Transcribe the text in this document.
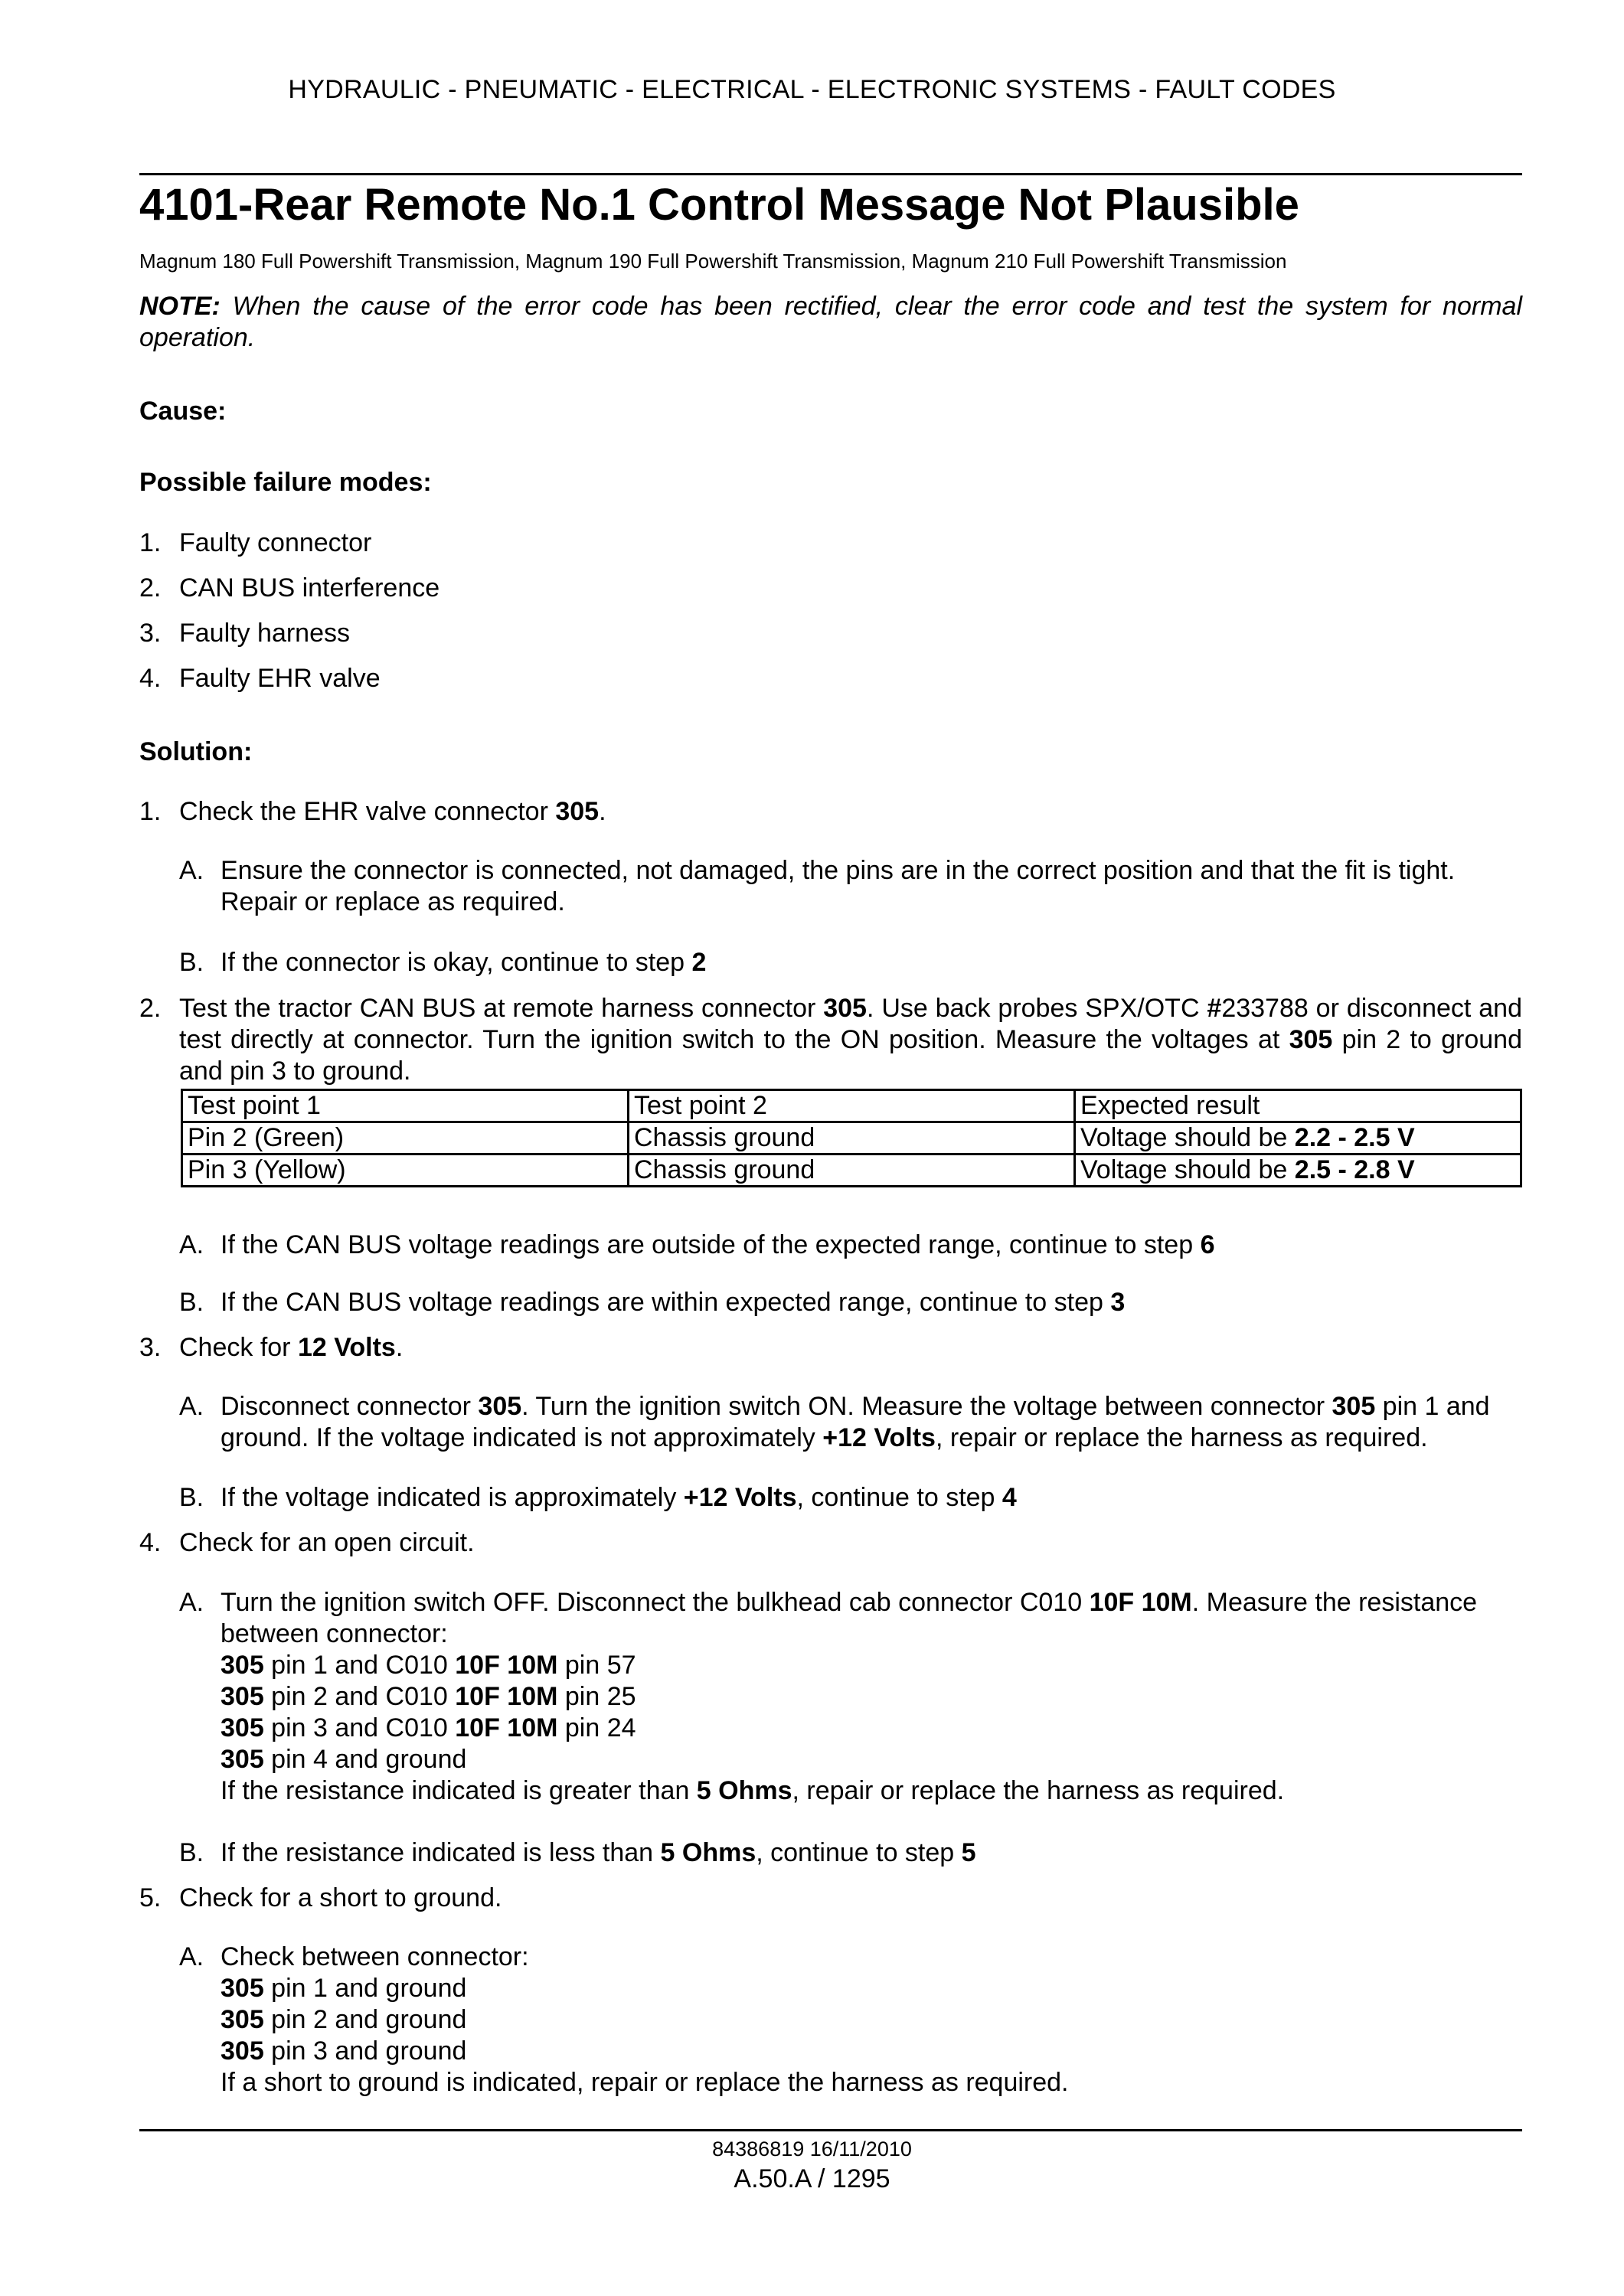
HYDRAULIC - PNEUMATIC - ELECTRICAL - ELECTRONIC SYSTEMS - FAULT CODES
4101-Rear Remote No.1 Control Message Not Plausible
Magnum 180 Full Powershift Transmission, Magnum 190 Full Powershift Transmission, Magnum 210 Full Powershift Transmission
NOTE: When the cause of the error code has been rectified, clear the error code and test the system for normal operation.
Cause:
Possible failure modes:
1. Faulty connector
2. CAN BUS interference
3. Faulty harness
4. Faulty EHR valve
Solution:
1. Check the EHR valve connector 305.
A. Ensure the connector is connected, not damaged, the pins are in the correct position and that the fit is tight. Repair or replace as required.
B. If the connector is okay, continue to step 2
2. Test the tractor CAN BUS at remote harness connector 305. Use back probes SPX/OTC #233788 or disconnect and test directly at connector. Turn the ignition switch to the ON position. Measure the voltages at 305 pin 2 to ground and pin 3 to ground.
Test point 1	Test point 2	Expected result
Pin 2 (Green)	Chassis ground	Voltage should be 2.2 - 2.5 V
Pin 3 (Yellow)	Chassis ground	Voltage should be 2.5 - 2.8 V
A. If the CAN BUS voltage readings are outside of the expected range, continue to step 6
B. If the CAN BUS voltage readings are within expected range, continue to step 3
3. Check for 12 Volts.
A. Disconnect connector 305. Turn the ignition switch ON. Measure the voltage between connector 305 pin 1 and ground. If the voltage indicated is not approximately +12 Volts, repair or replace the harness as required.
B. If the voltage indicated is approximately +12 Volts, continue to step 4
4. Check for an open circuit.
A. Turn the ignition switch OFF. Disconnect the bulkhead cab connector C010 10F 10M. Measure the resistance between connector:
305 pin 1 and C010 10F 10M pin 57
305 pin 2 and C010 10F 10M pin 25
305 pin 3 and C010 10F 10M pin 24
305 pin 4 and ground
If the resistance indicated is greater than 5 Ohms, repair or replace the harness as required.
B. If the resistance indicated is less than 5 Ohms, continue to step 5
5. Check for a short to ground.
A. Check between connector:
305 pin 1 and ground
305 pin 2 and ground
305 pin 3 and ground
If a short to ground is indicated, repair or replace the harness as required.
84386819 16/11/2010
A.50.A / 1295
